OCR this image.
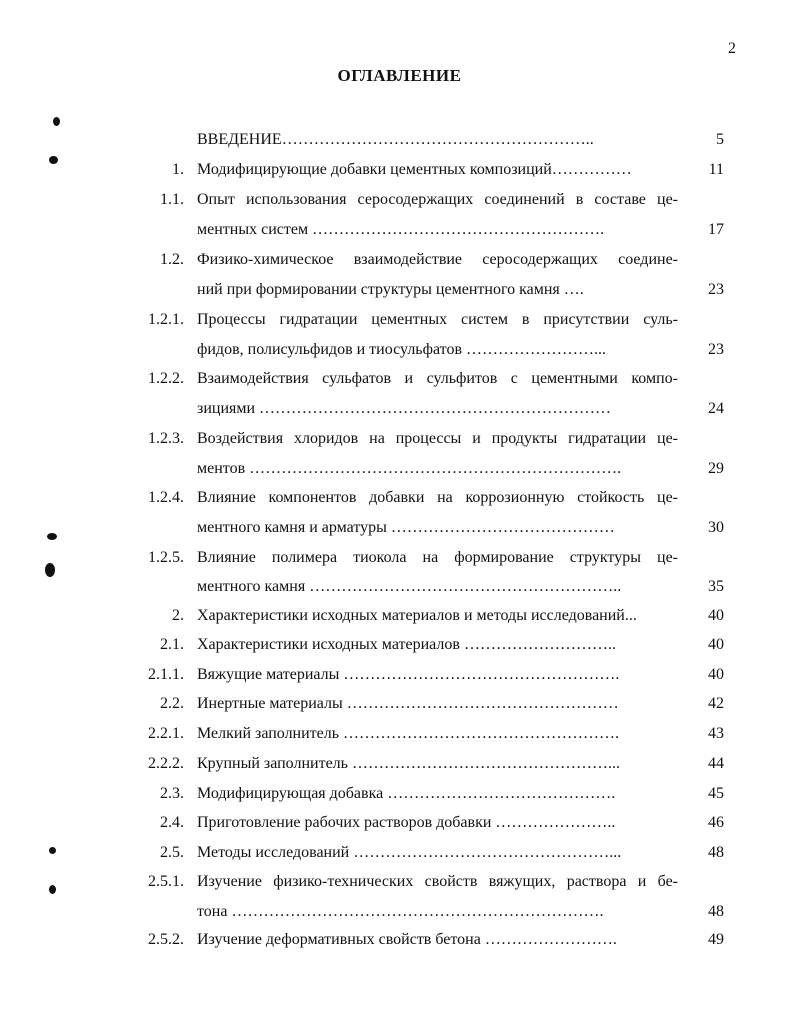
2
ОГЛАВЛЕНИЕ
ВВЕДЕНИЕ…………………………………………………..	5
1. Модифицирующие добавки цементных композиций……………	11
1.1. Опыт использования серосодержащих соединений в составе це-
ментных систем ……………………………………………….	17
1.2. Физико-химическое взаимодействие серосодержащих соедине-
ний при формировании структуры цементного камня ….	23
1.2.1. Процессы гидратации цементных систем в присутствии суль-
фидов, полисульфидов и тиосульфатов ……………………...	23
1.2.2. Взаимодействия сульфатов и сульфитов с цементными компо-
зициями …………………………………………………………	24
1.2.3. Воздействия хлоридов на процессы и продукты гидратации це-
ментов …………………………………………………………….	29
1.2.4. Влияние компонентов добавки на коррозионную стойкость це-
ментного камня и арматуры ……………………………………	30
1.2.5. Влияние полимера тиокола на формирование структуры це-
ментного камня …………………………………………………..	35
2. Характеристики исходных материалов и методы исследований...	40
2.1. Характеристики исходных материалов ………………………..	40
2.1.1. Вяжущие материалы …………………………………………….	40
2.2. Инертные материалы ……………………………………………	42
2.2.1. Мелкий заполнитель …………………………………………….	43
2.2.2. Крупный заполнитель …………………………………………...	44
2.3. Модифицирующая добавка …………………………………….	45
2.4. Приготовление рабочих растворов добавки …………………..	46
2.5. Методы исследований …………………………………………...	48
2.5.1. Изучение физико-технических свойств вяжущих, раствора и бе-
тона …………………………………………………………….	48
2.5.2. Изучение деформативных свойств бетона …………………….	49
